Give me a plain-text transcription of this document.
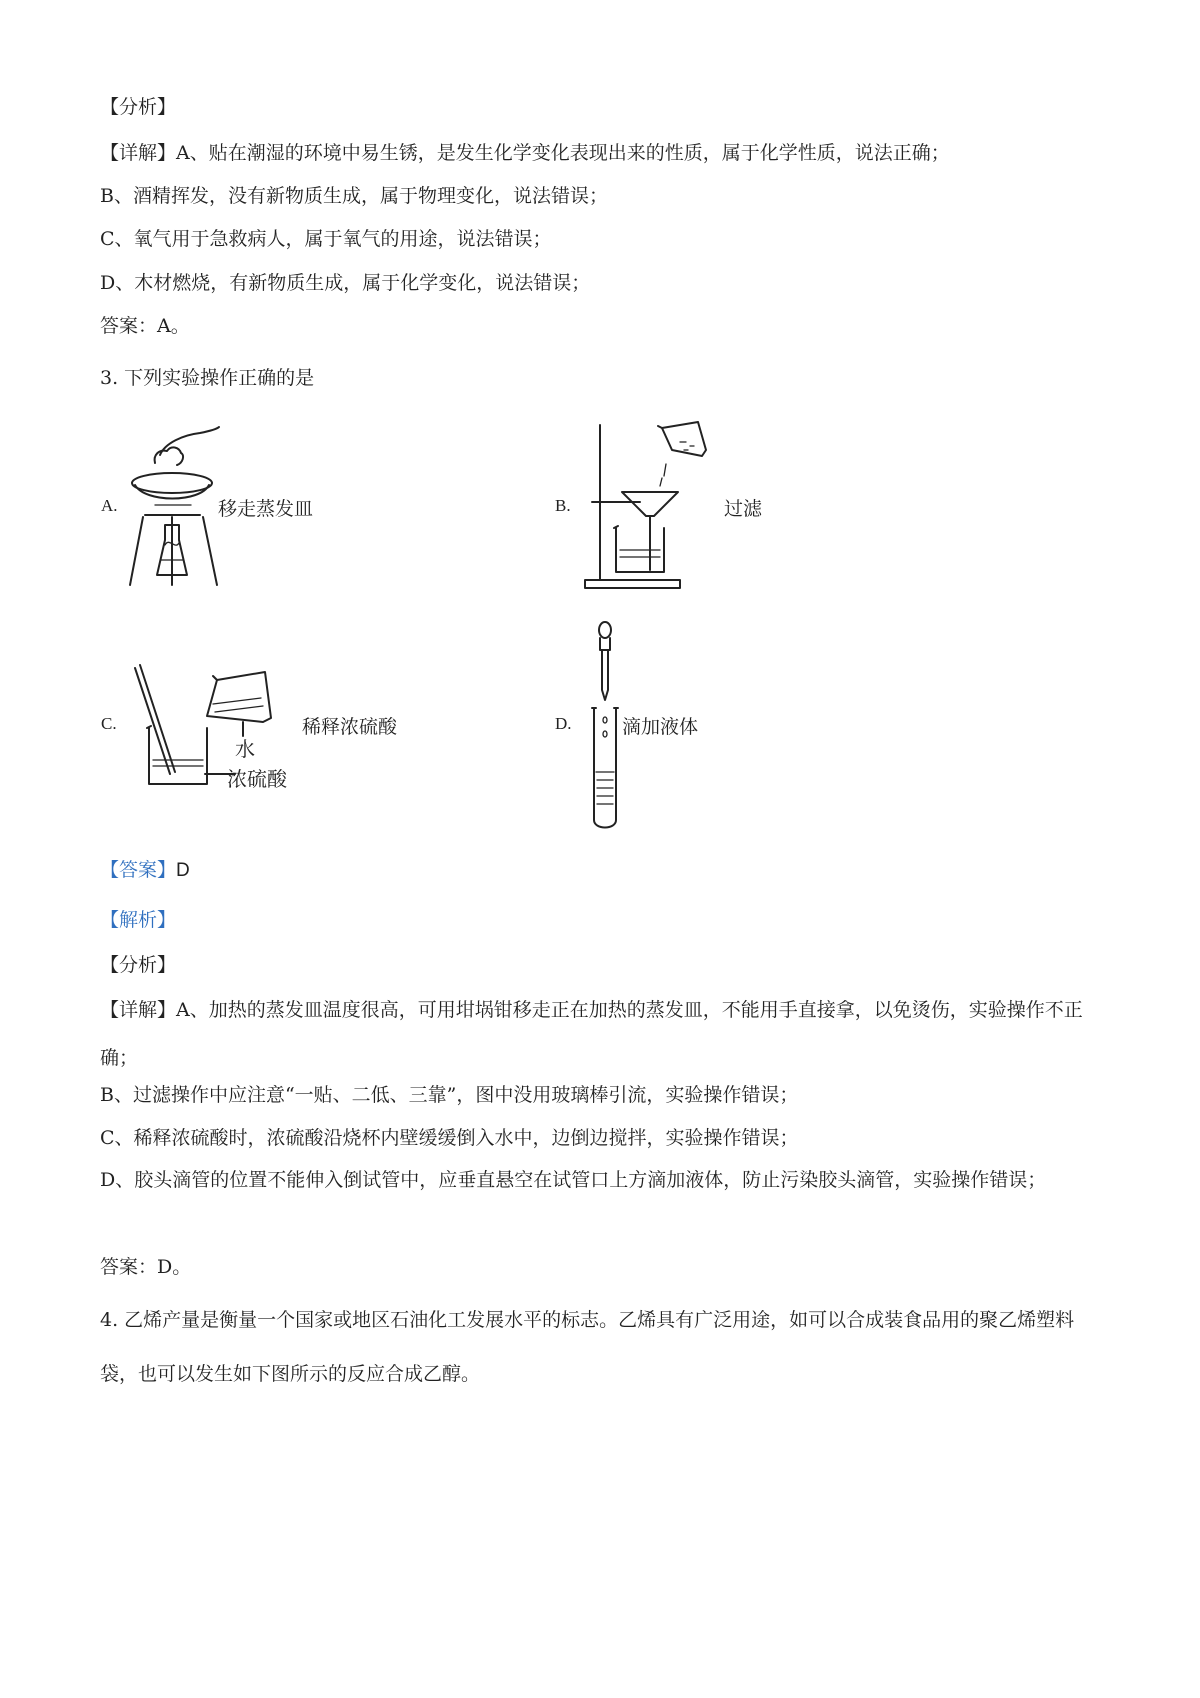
【分析】
【详解】A、贴在潮湿的环境中易生锈，是发生化学变化表现出来的性质，属于化学性质，说法正确；
B、酒精挥发，没有新物质生成，属于物理变化，说法错误；
C、氧气用于急救病人，属于氧气的用途，说法错误；
D、木材燃烧，有新物质生成，属于化学变化，说法错误；
答案：A。
3. 下列实验操作正确的是
A.	移走蒸发皿	B.	过滤
C.
水
浓硫酸
稀释浓硫酸	D.	滴加液体
【答案】D
【解析】
【分析】
【详解】A、加热的蒸发皿温度很高，可用坩埚钳移走正在加热的蒸发皿，不能用手直接拿，以免烫伤，实验操作不正确；
B、过滤操作中应注意“一贴、二低、三靠”，图中没用玻璃棒引流，实验操作错误；
C、稀释浓硫酸时，浓硫酸沿烧杯内壁缓缓倒入水中，边倒边搅拌，实验操作错误；
D、胶头滴管的位置不能伸入倒试管中，应垂直悬空在试管口上方滴加液体，防止污染胶头滴管，实验操作错误；
答案：D。
4. 乙烯产量是衡量一个国家或地区石油化工发展水平的标志。乙烯具有广泛用途，如可以合成装食品用的聚乙烯塑料袋，也可以发生如下图所示的反应合成乙醇。
